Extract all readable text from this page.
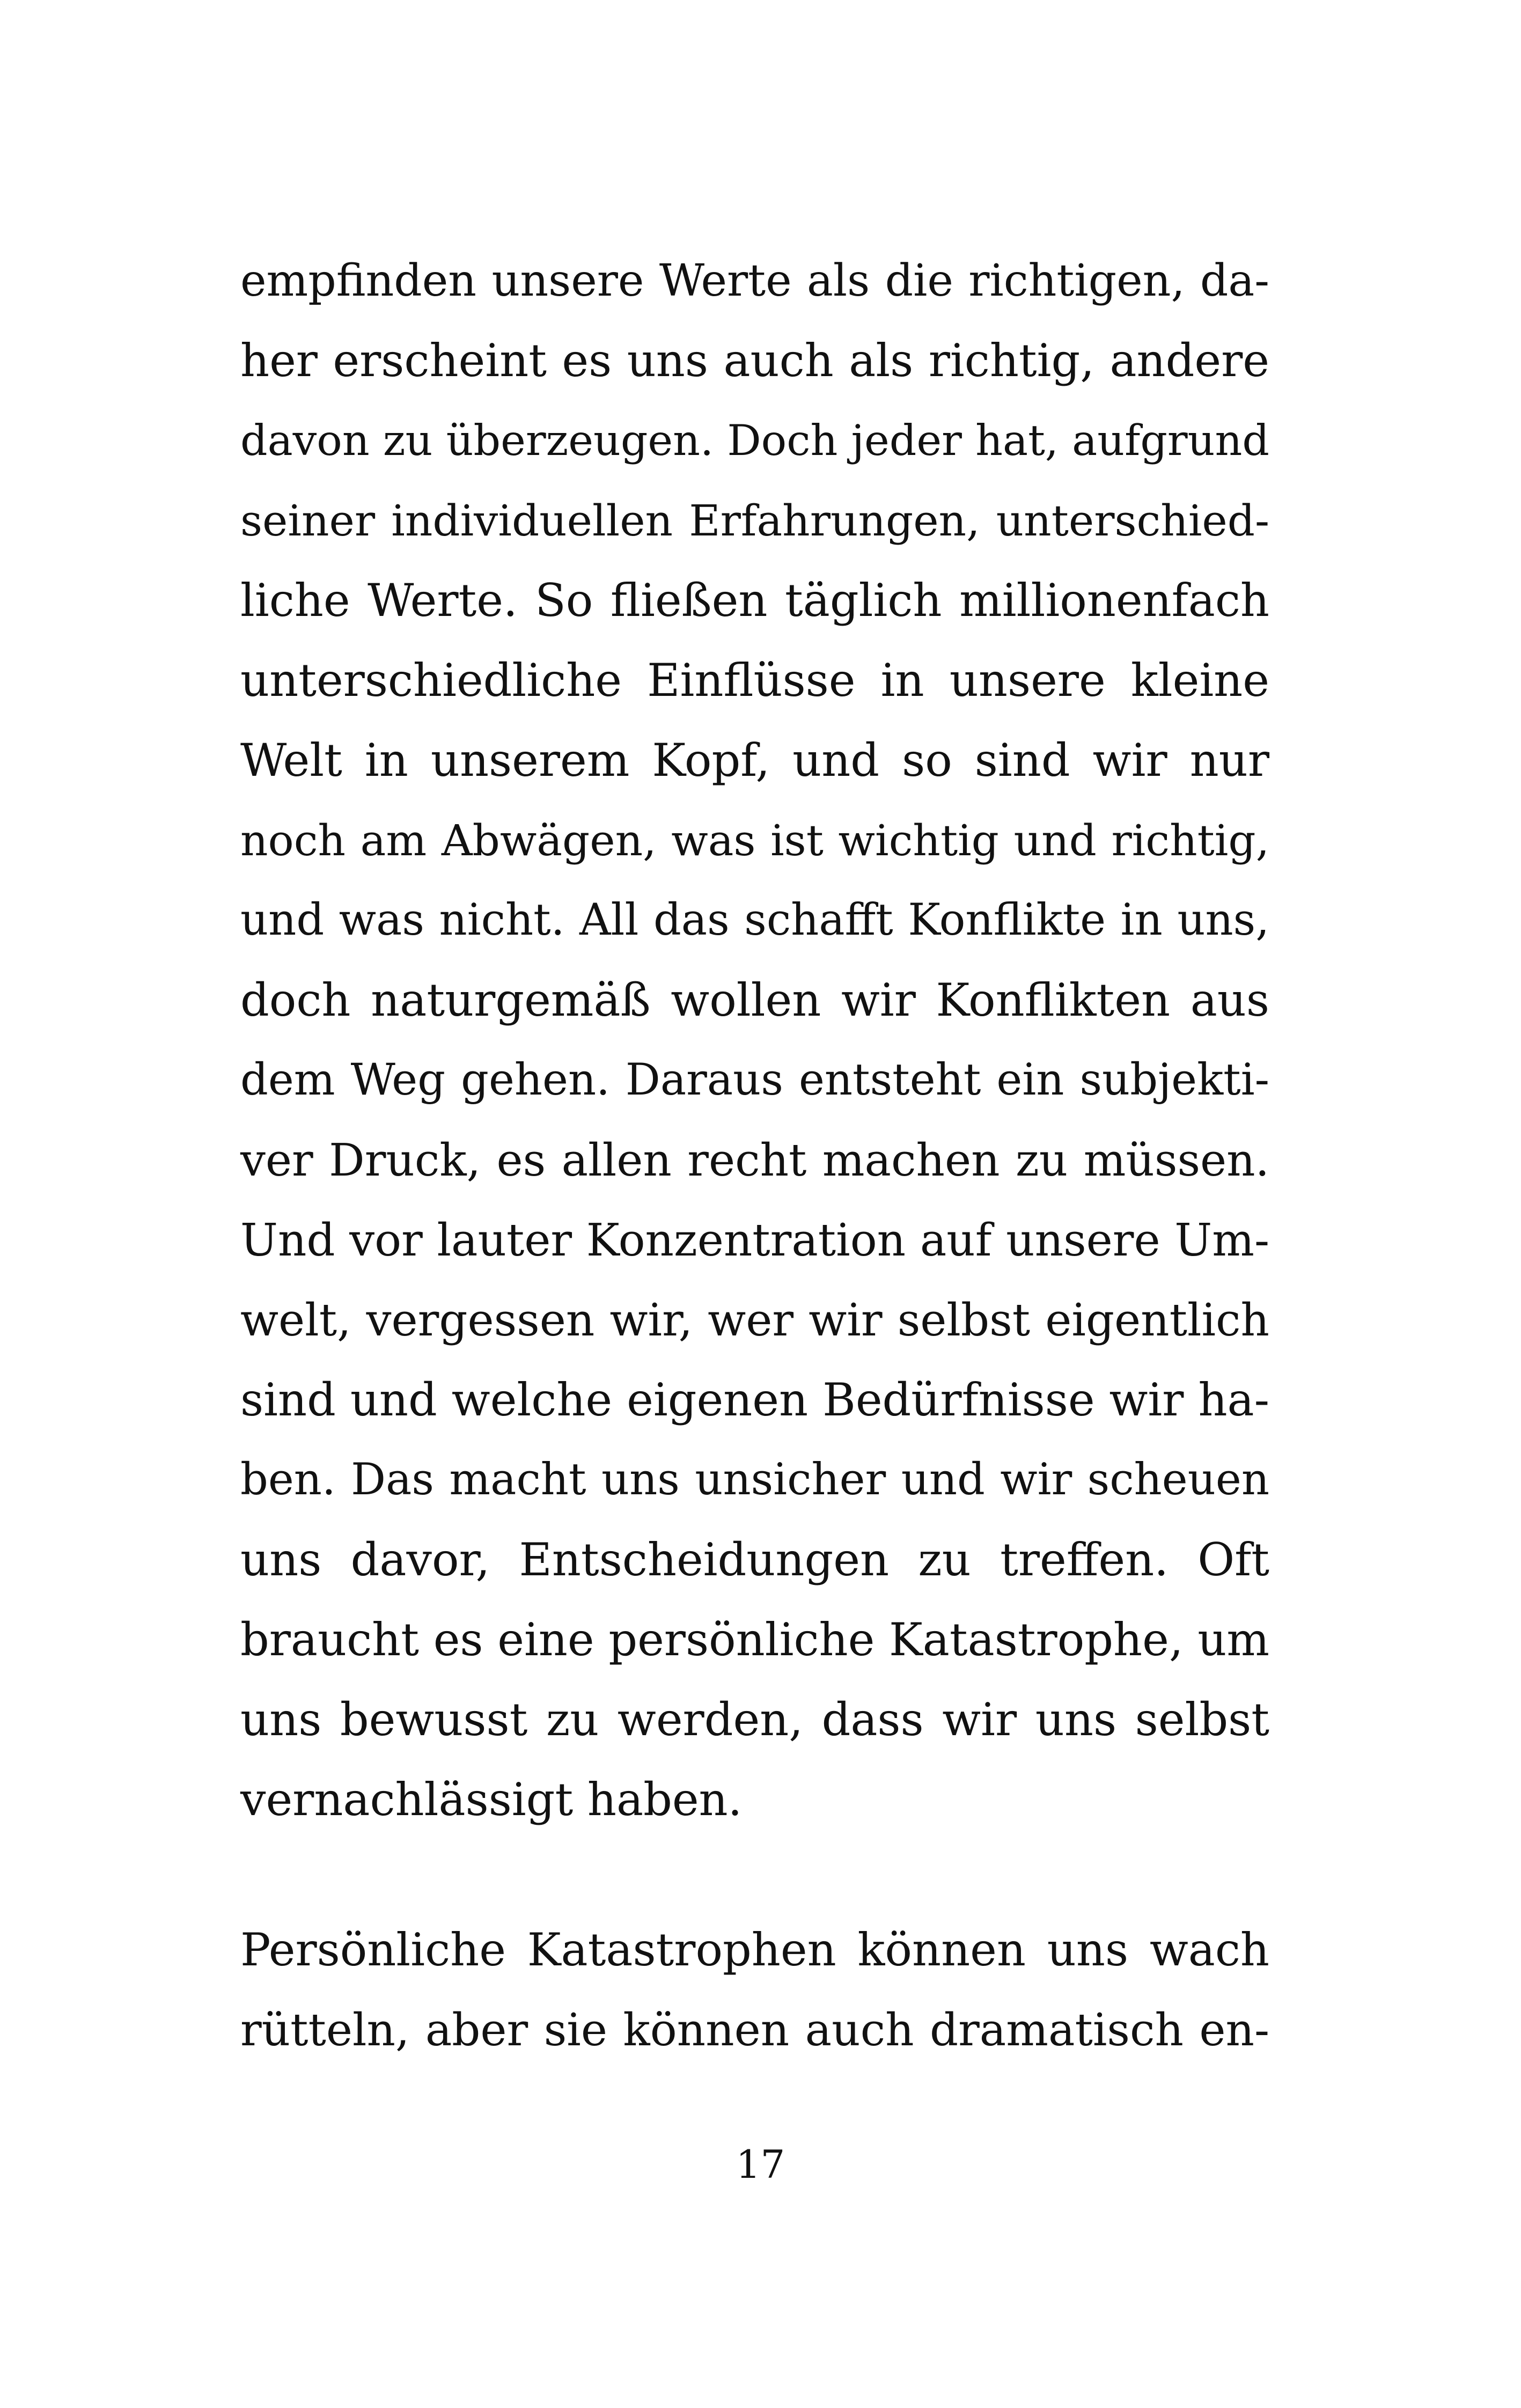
empfinden unsere Werte als die richtigen, da-
her erscheint es uns auch als richtig, andere
davon zu überzeugen. Doch jeder hat, aufgrund
seiner individuellen Erfahrungen, unterschied-
liche Werte. So fließen täglich millionenfach
unterschiedliche Einflüsse in unsere kleine
Welt in unserem Kopf, und so sind wir nur
noch am Abwägen, was ist wichtig und richtig,
und was nicht. All das schafft Konflikte in uns,
doch naturgemäß wollen wir Konflikten aus
dem Weg gehen. Daraus entsteht ein subjekti-
ver Druck, es allen recht machen zu müssen.
Und vor lauter Konzentration auf unsere Um-
welt, vergessen wir, wer wir selbst eigentlich
sind und welche eigenen Bedürfnisse wir ha-
ben. Das macht uns unsicher und wir scheuen
uns davor, Entscheidungen zu treffen. Oft
braucht es eine persönliche Katastrophe, um
uns bewusst zu werden, dass wir uns selbst
vernachlässigt haben.
Persönliche Katastrophen können uns wach
rütteln, aber sie können auch dramatisch en-
17
